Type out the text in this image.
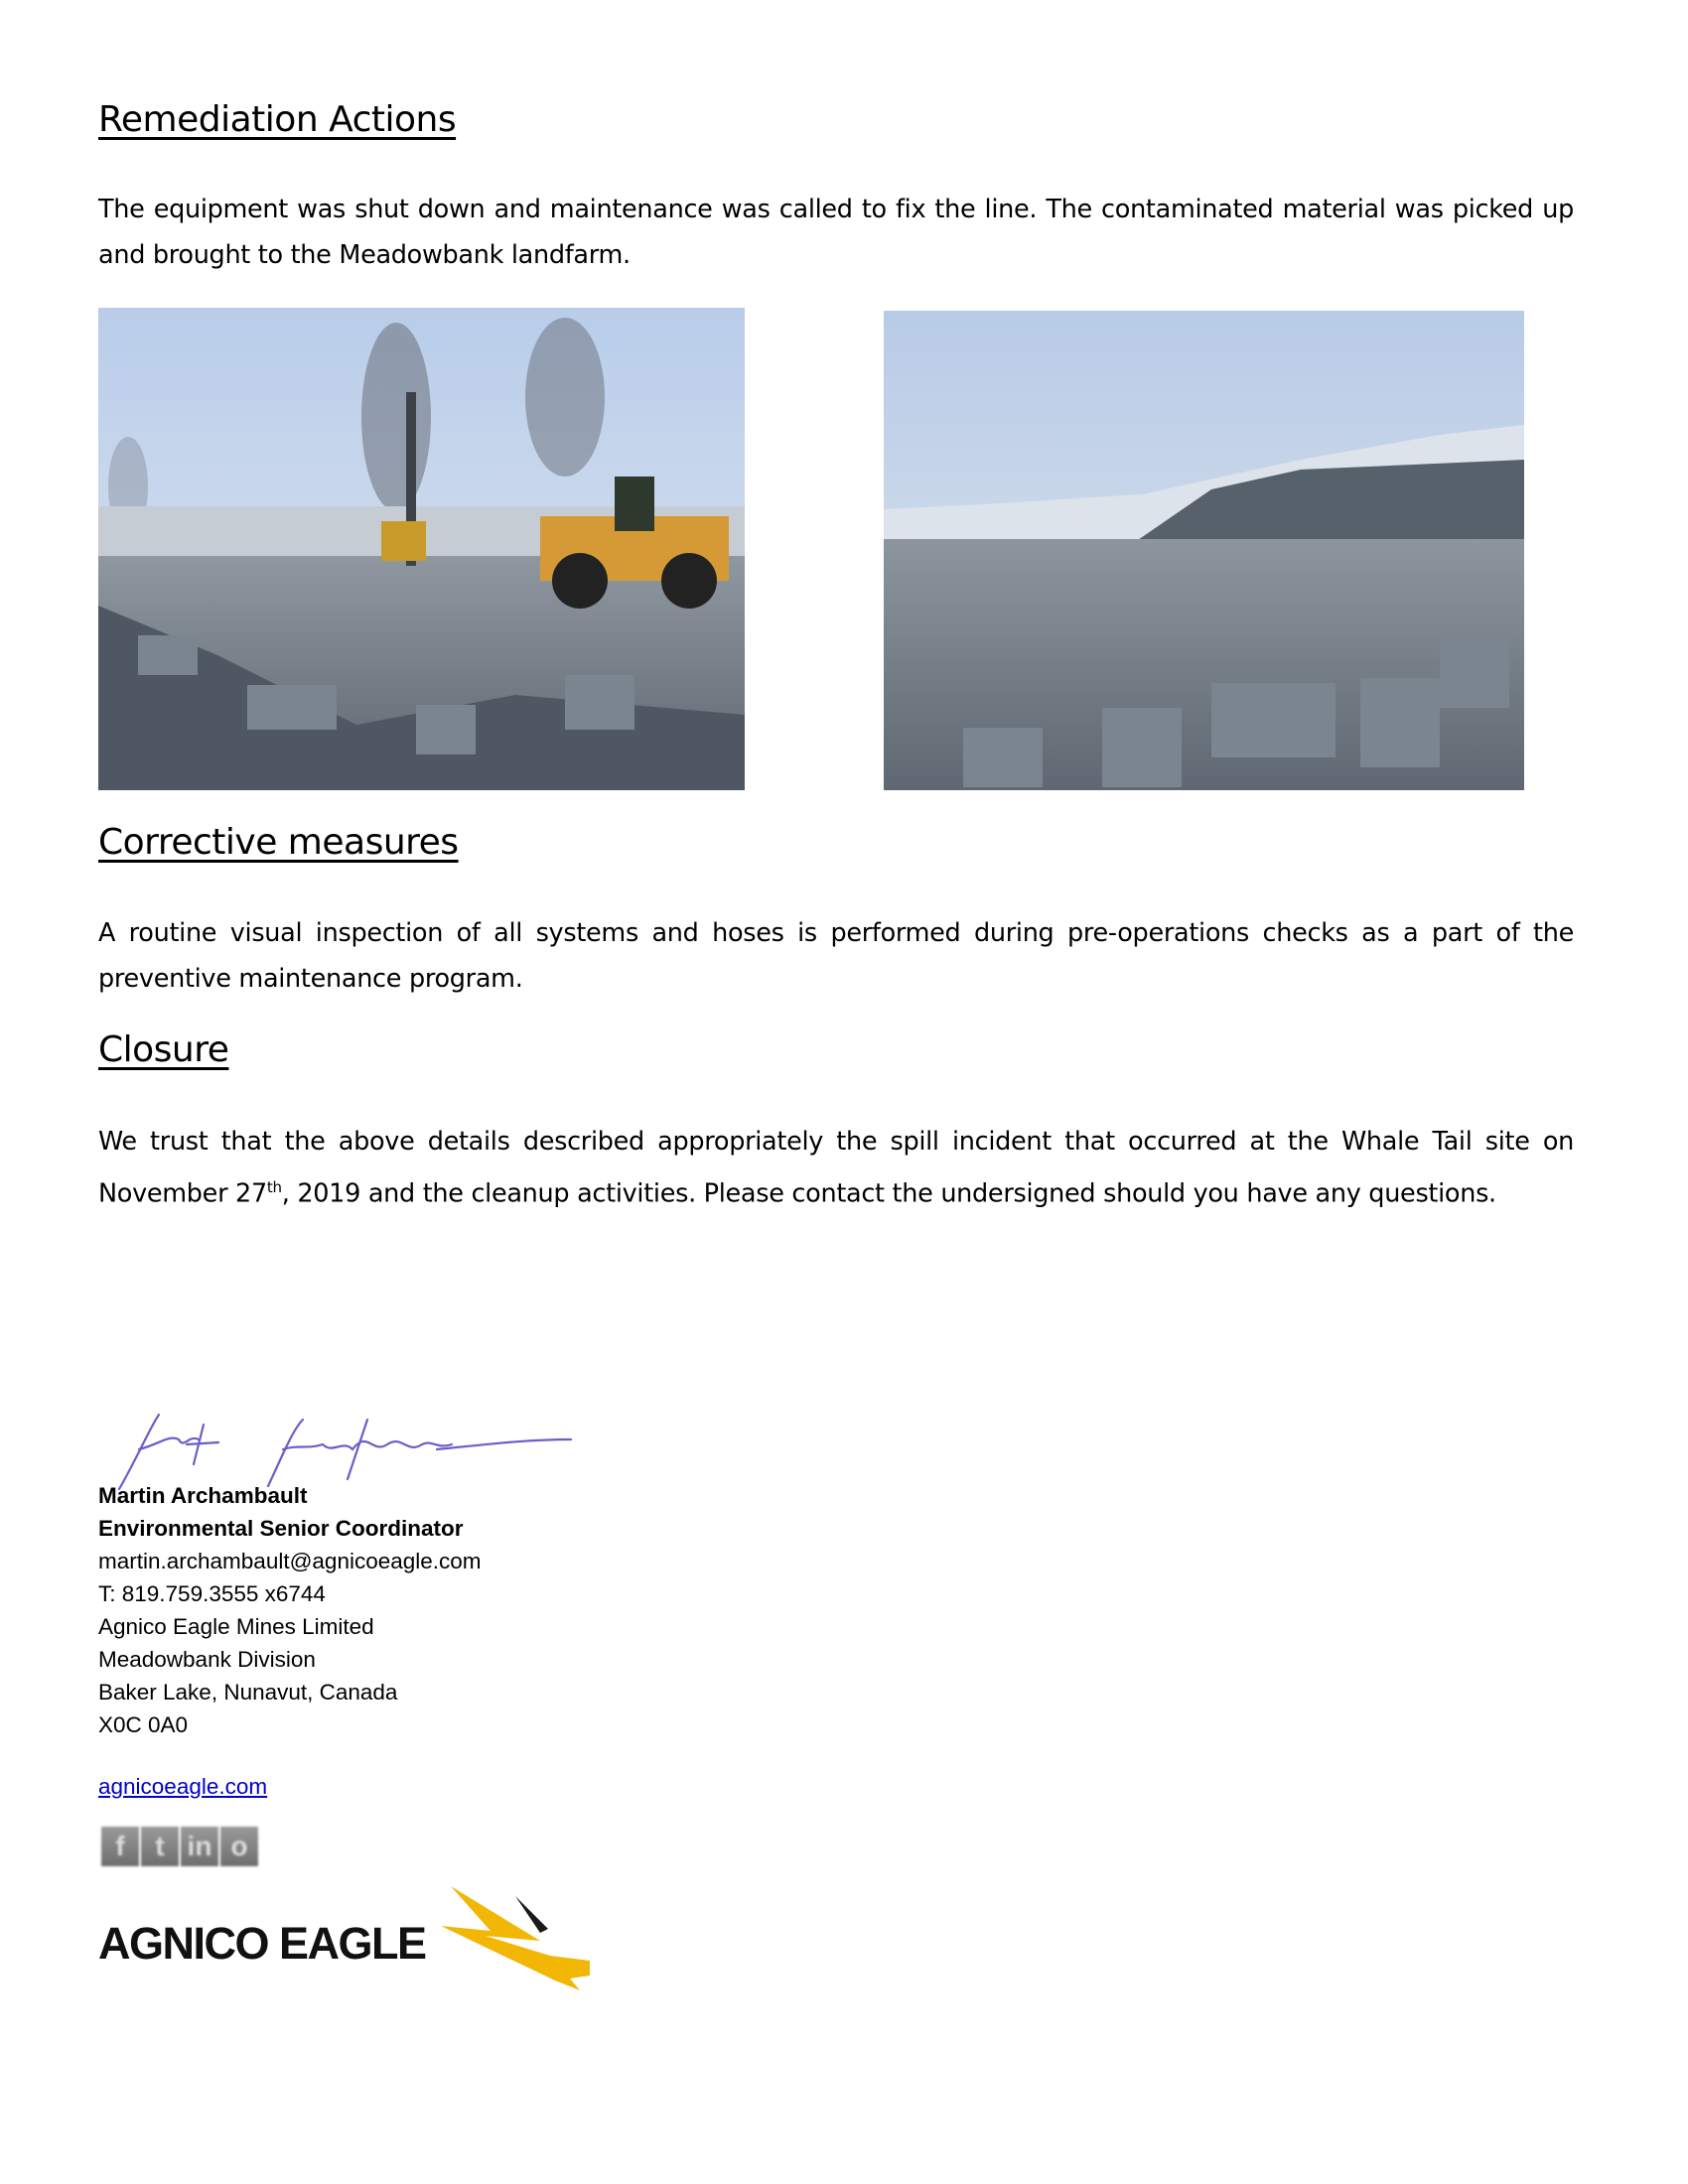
Remediation Actions

The equipment was shut down and maintenance was called to fix the line. The contaminated material was picked up and brought to the Meadowbank landfarm.

Corrective measures

A routine visual inspection of all systems and hoses is performed during pre-operations checks as a part of the preventive maintenance program.

Closure

We trust that the above details described appropriately the spill incident that occurred at the Whale Tail site on November 27th, 2019 and the cleanup activities. Please contact the undersigned should you have any questions.

Martin Archambault
Environmental Senior Coordinator
martin.archambault@agnicoeagle.com
T: 819.759.3555 x6744
Agnico Eagle Mines Limited
Meadowbank Division
Baker Lake, Nunavut, Canada
X0C 0A0
agnicoeagle.com
f	t in o
AGNICO EAGLE
